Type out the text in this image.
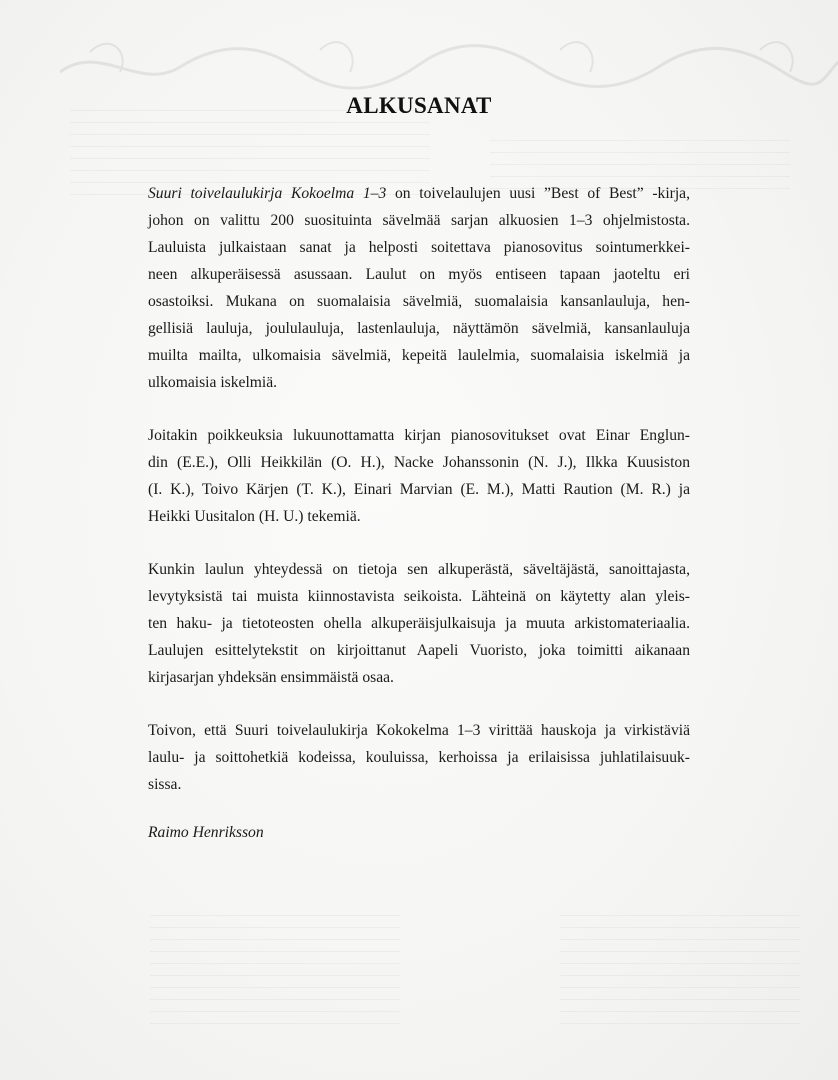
ALKUSANAT

Suuri toivelaulukirja Kokoelma 1–3 on toivelaulujen uusi ”Best of Best” -kirja,
johon on valittu 200 suosituinta sävelmää sarjan alkuosien 1–3 ohjelmistosta.
Lauluista julkaistaan sanat ja helposti soitettava pianosovitus sointumerkkei-
neen alkuperäisessä asussaan. Laulut on myös entiseen tapaan jaoteltu eri
osastoiksi. Mukana on suomalaisia sävelmiä, suomalaisia kansanlauluja, hen-
gellisiä lauluja, joululauluja, lastenlauluja, näyttämön sävelmiä, kansanlauluja
muilta mailta, ulkomaisia sävelmiä, kepeitä laulelmia, suomalaisia iskelmiä ja
ulkomaisia iskelmiä.

Joitakin poikkeuksia lukuunottamatta kirjan pianosovitukset ovat Einar Englun-
din (E.E.), Olli Heikkilän (O. H.), Nacke Johanssonin (N. J.), Ilkka Kuusiston
(I. K.), Toivo Kärjen (T. K.), Einari Marvian (E. M.), Matti Raution (M. R.) ja
Heikki Uusitalon (H. U.) tekemiä.

Kunkin laulun yhteydessä on tietoja sen alkuperästä, säveltäjästä, sanoittajasta,
levytyksistä tai muista kiinnostavista seikoista. Lähteinä on käytetty alan yleis-
ten haku- ja tietoteosten ohella alkuperäisjulkaisuja ja muuta arkistomateriaalia.
Laulujen esittelytekstit on kirjoittanut Aapeli Vuoristo, joka toimitti aikanaan
kirjasarjan yhdeksän ensimmäistä osaa.

Toivon, että Suuri toivelaulukirja Kokokelma 1–3 virittää hauskoja ja virkistäviä
laulu- ja soittohetkiä kodeissa, kouluissa, kerhoissa ja erilaisissa juhlatilaisuuk-
sissa.

Raimo Henriksson
